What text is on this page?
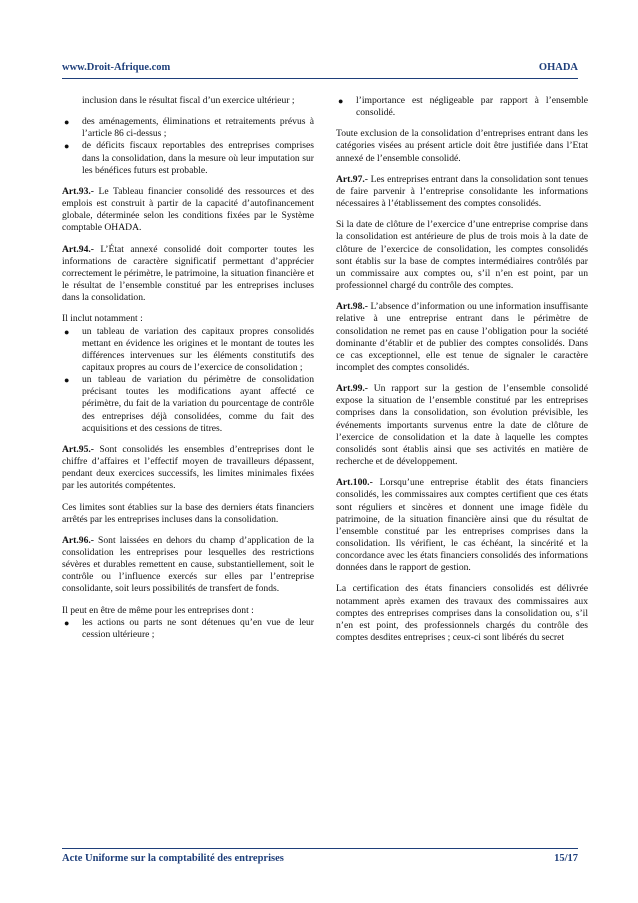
www.Droit-Afrique.com	OHADA

inclusion dans le résultat fiscal d’un exercice ultérieur ;

● des aménagements, éliminations et retraitements prévus à l’article 86 ci-dessus ;
● de déficits fiscaux reportables des entreprises comprises dans la consolidation, dans la mesure où leur imputation sur les bénéfices futurs est probable.

Art.93.- Le Tableau financier consolidé des ressources et des emplois est construit à partir de la capacité d’autofinancement globale, déterminée selon les conditions fixées par le Système comptable OHADA.

Art.94.- L’État annexé consolidé doit comporter toutes les informations de caractère significatif permettant d’apprécier correctement le périmètre, le patrimoine, la situation financière et le résultat de l’ensemble constitué par les entreprises incluses dans la consolidation.

Il inclut notamment :

● un tableau de variation des capitaux propres consolidés mettant en évidence les origines et le montant de toutes les différences intervenues sur les éléments constitutifs des capitaux propres au cours de l’exercice de consolidation ;
● un tableau de variation du périmètre de consolidation précisant toutes les modifications ayant affecté ce périmètre, du fait de la variation du pourcentage de contrôle des entreprises déjà consolidées, comme du fait des acquisitions et des cessions de titres.

Art.95.- Sont consolidés les ensembles d’entreprises dont le chiffre d’affaires et l’effectif moyen de travailleurs dépassent, pendant deux exercices successifs, les limites minimales fixées par les autorités compétentes.

Ces limites sont établies sur la base des derniers états financiers arrêtés par les entreprises incluses dans la consolidation.

Art.96.- Sont laissées en dehors du champ d’application de la consolidation les entreprises pour lesquelles des restrictions sévères et durables remettent en cause, substantiellement, soit le contrôle ou l’influence exercés sur elles par l’entreprise consolidante, soit leurs possibilités de transfert de fonds.

Il peut en être de même pour les entreprises dont :

● les actions ou parts ne sont détenues qu’en vue de leur cession ultérieure ;
● l’importance est négligeable par rapport à l’ensemble consolidé.

Toute exclusion de la consolidation d’entreprises entrant dans les catégories visées au présent article doit être justifiée dans l’Etat annexé de l’ensemble consolidé.

Art.97.- Les entreprises entrant dans la consolidation sont tenues de faire parvenir à l’entreprise consolidante les informations nécessaires à l’établissement des comptes consolidés.

Si la date de clôture de l’exercice d’une entreprise comprise dans la consolidation est antérieure de plus de trois mois à la date de clôture de l’exercice de consolidation, les comptes consolidés sont établis sur la base de comptes intermédiaires contrôlés par un commissaire aux comptes ou, s’il n’en est point, par un professionnel chargé du contrôle des comptes.

Art.98.- L’absence d’information ou une information insuffisante relative à une entreprise entrant dans le périmètre de consolidation ne remet pas en cause l’obligation pour la société dominante d’établir et de publier des comptes consolidés. Dans ce cas exceptionnel, elle est tenue de signaler le caractère incomplet des comptes consolidés.

Art.99.- Un rapport sur la gestion de l’ensemble consolidé expose la situation de l’ensemble constitué par les entreprises comprises dans la consolidation, son évolution prévisible, les événements importants survenus entre la date de clôture de l’exercice de consolidation et la date à laquelle les comptes consolidés sont établis ainsi que ses activités en matière de recherche et de développement.

Art.100.- Lorsqu’une entreprise établit des états financiers consolidés, les commissaires aux comptes certifient que ces états sont réguliers et sincères et donnent une image fidèle du patrimoine, de la situation financière ainsi que du résultat de l’ensemble constitué par les entreprises comprises dans la consolidation. Ils vérifient, le cas échéant, la sincérité et la concordance avec les états financiers consolidés des informations données dans le rapport de gestion.

La certification des états financiers consolidés est délivrée notamment après examen des travaux des commissaires aux comptes des entreprises comprises dans la consolidation ou, s’il n’en est point, des professionnels chargés du contrôle des comptes desdites entreprises ; ceux-ci sont libérés du secret

Acte Uniforme sur la comptabilité des entreprises	15/17
